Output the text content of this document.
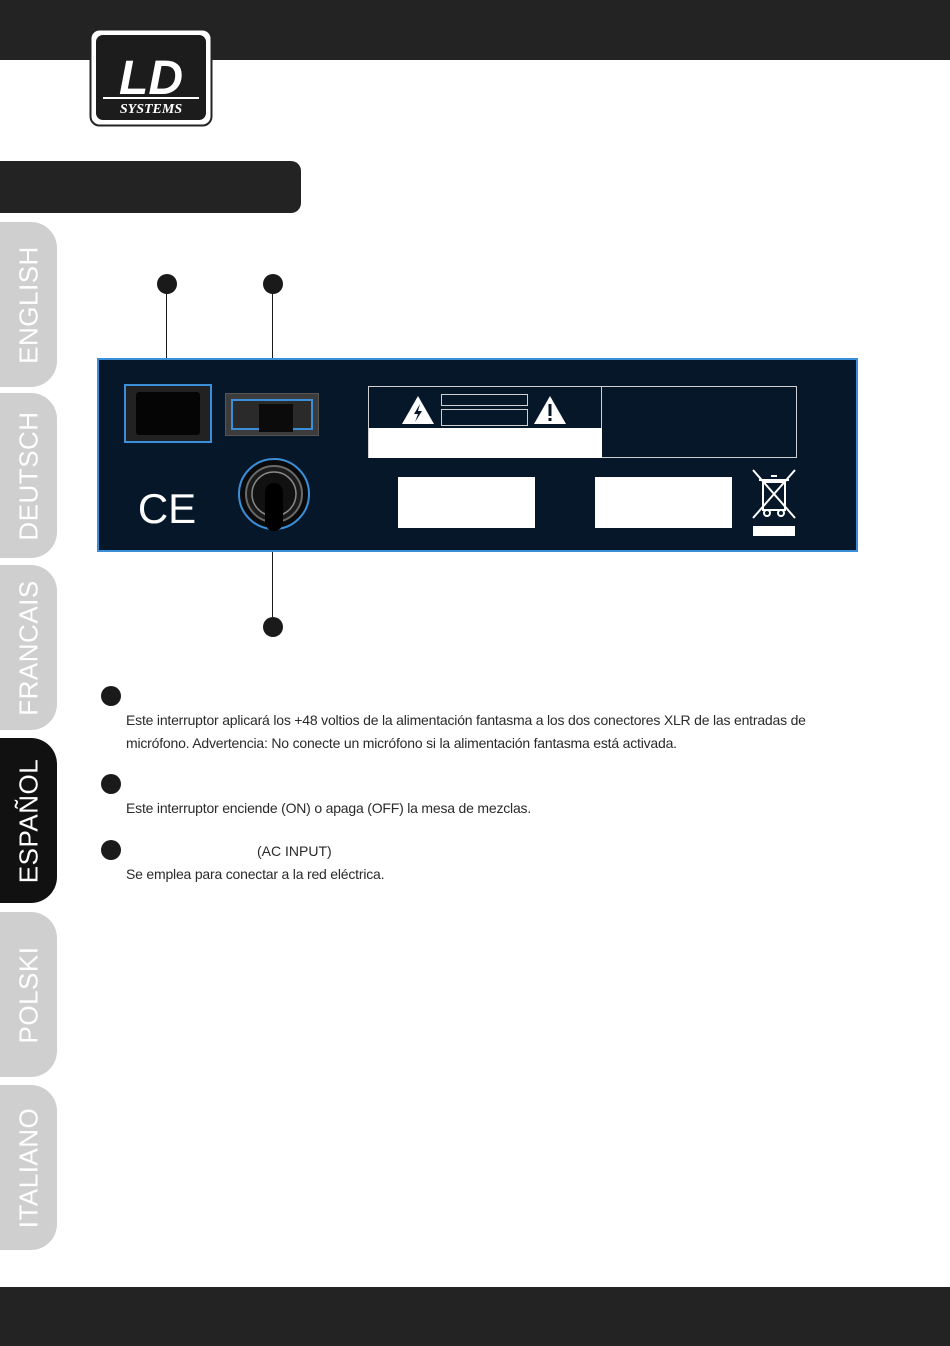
LD
SYSTEMS
ENGLISH
DEUTSCH
FRANCAIS
ESPAÑOL
POLSKI
ITALIANO
CE
Este interruptor aplicará los +48 voltios de la alimentación fantasma a los dos conectores XLR de las entradas de micrófono. Advertencia: No conecte un micrófono si la alimentación fantasma está activada.
Este interruptor enciende (ON) o apaga (OFF) la mesa de mezclas.
(AC INPUT)
Se emplea para conectar a la red eléctrica.
